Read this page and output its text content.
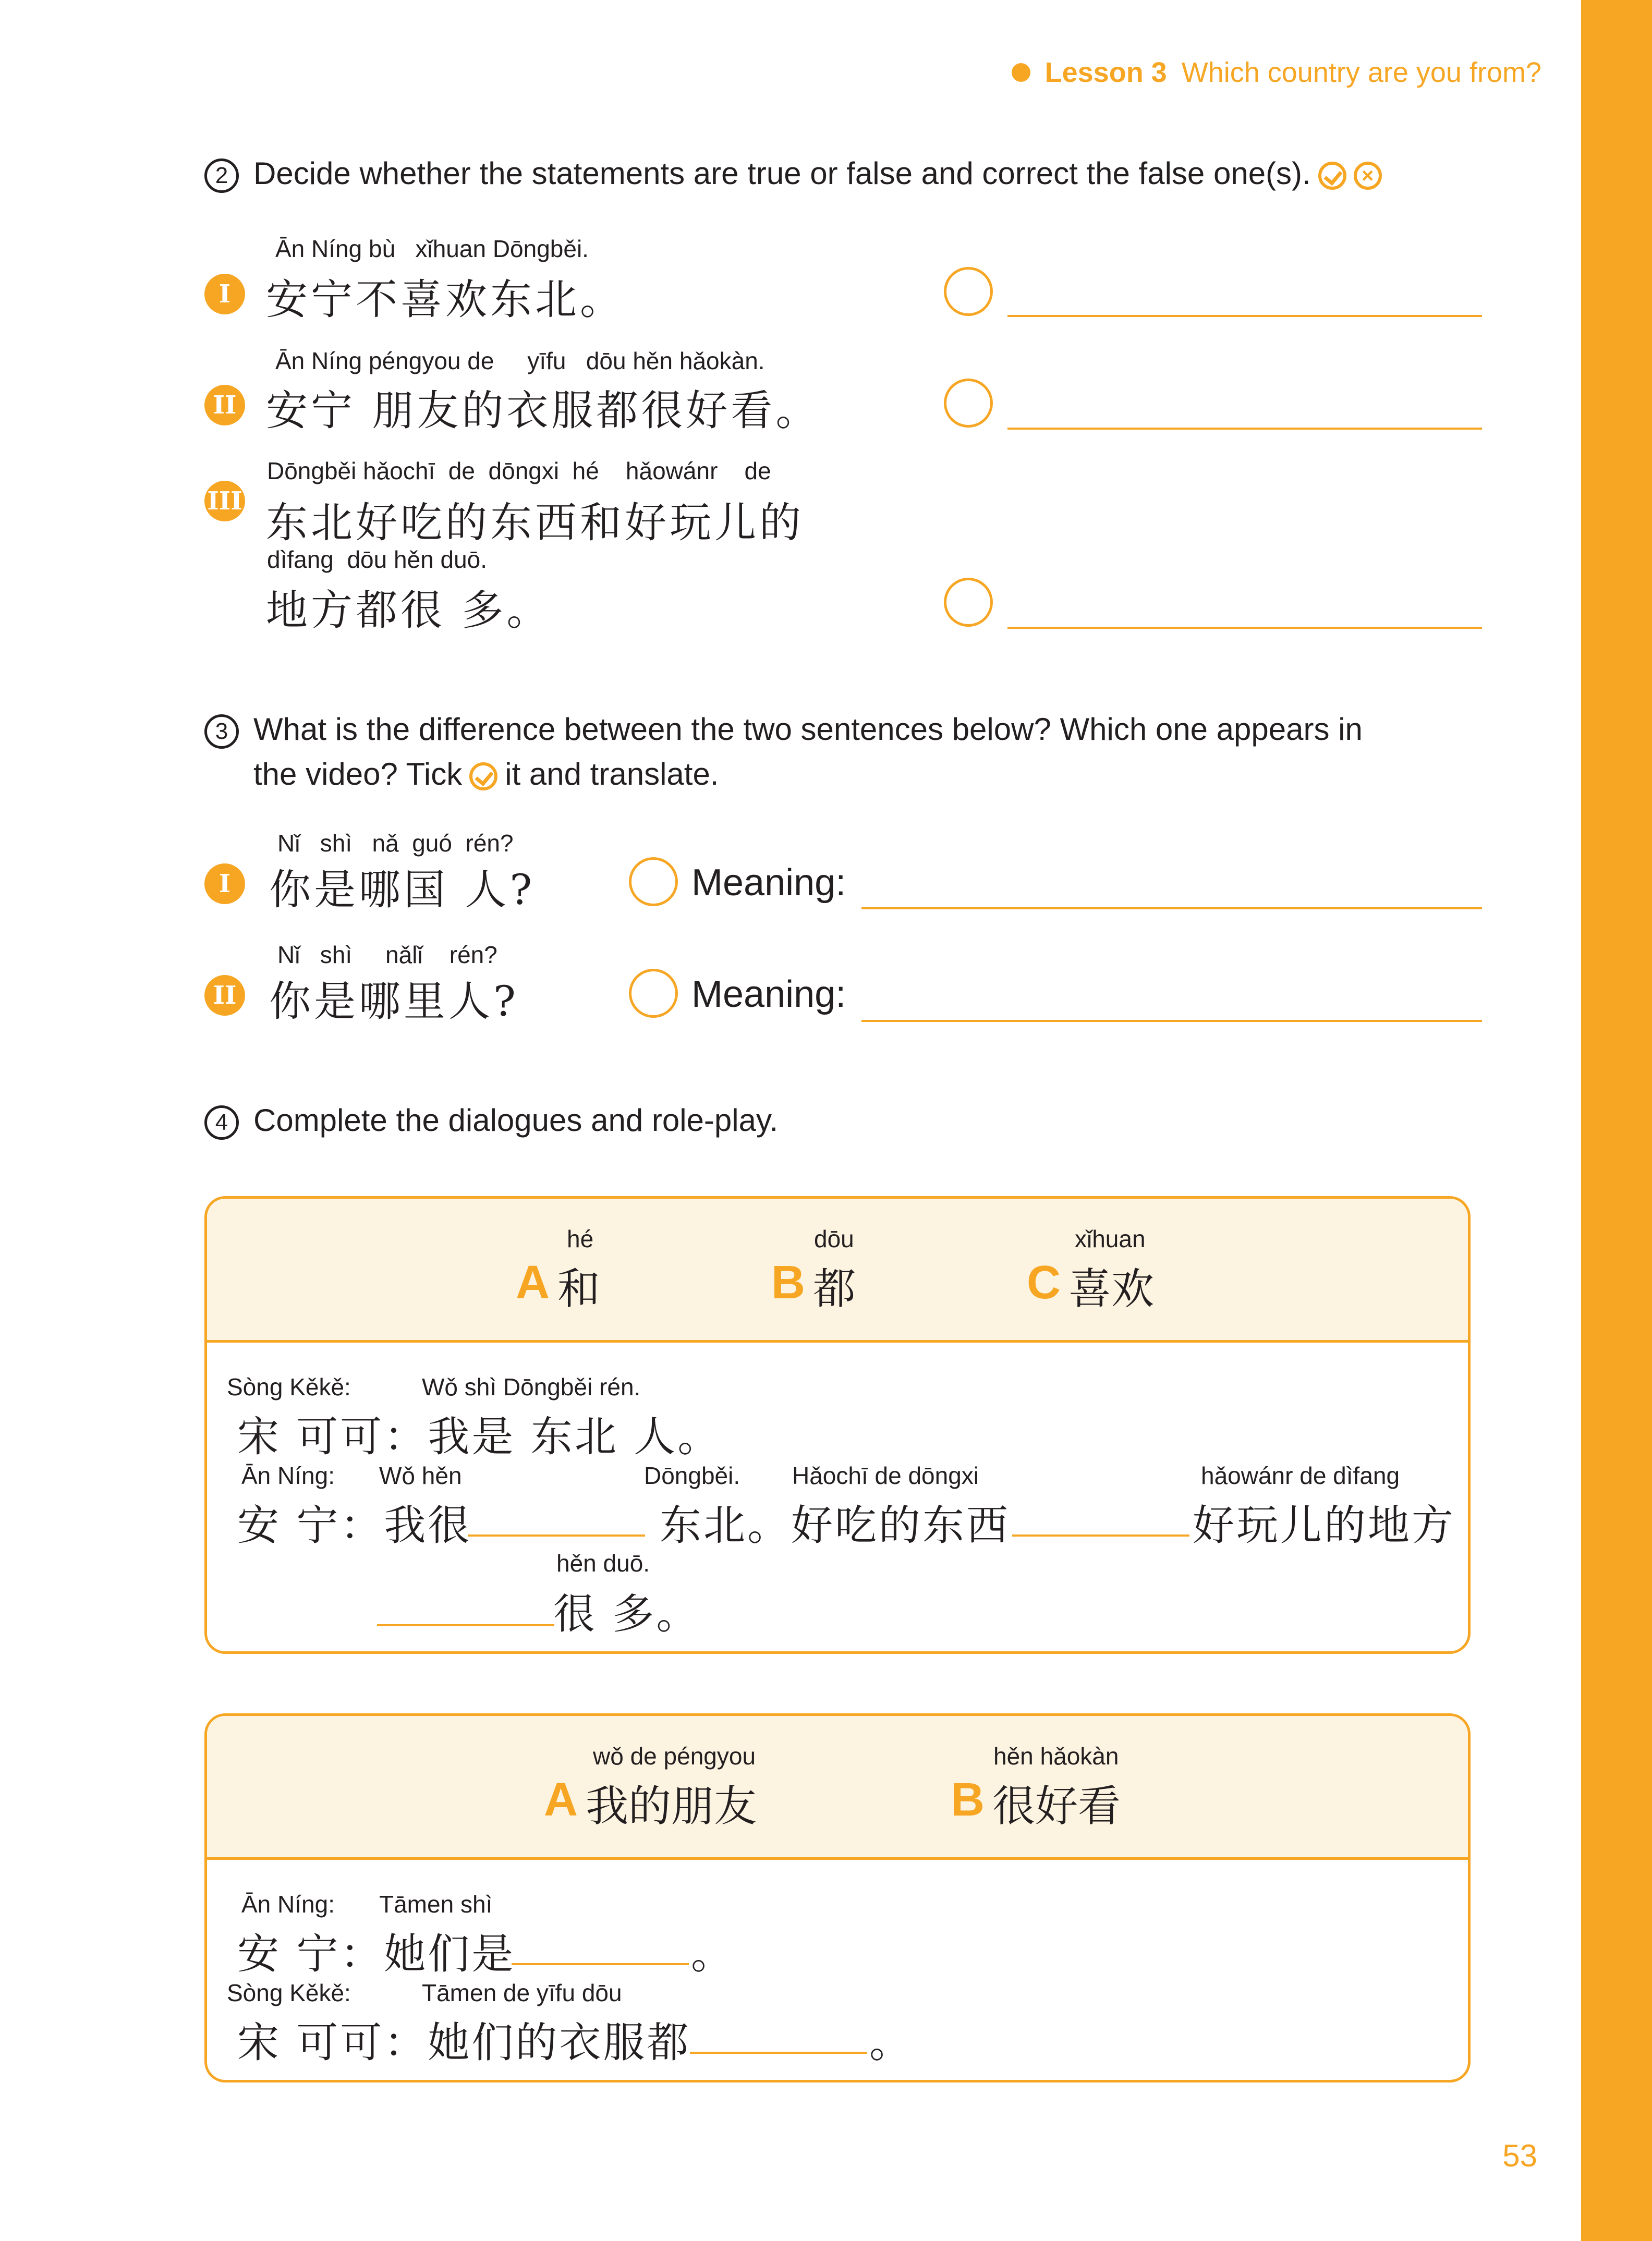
Lesson 3 Which country are you from?
2 Decide whether the statements are true or false and correct the false one(s). ×
Ān Níng bù   xǐhuan Dōngběi.
I 安宁不喜欢东北。
Ān Níng péngyou de     yīfu   dōu hěn hǎokàn.
II 安宁 朋友的衣服都很好看。
Dōngběi hǎochī  de  dōngxi  hé    hǎowánr    de
III 东北好吃的东西和好玩儿的
dìfang  dōu hěn duō.
地方都很 多。
3 What is the difference between the two sentences below? Which one appears in
the video? Tick it and translate.
Nǐ   shì   nǎ  guó  rén?
I 你是哪国 人?	Meaning:
Nǐ   shì     nǎlǐ    rén?
II 你是哪里人?	Meaning:
4 Complete the dialogues and role-play.
hé
A 和
dōu
B 都
xǐhuan
C 喜欢
Sòng Kěkě:	Wǒ shì Dōngběi rén.
宋 可可：我是 东北 人。
Ān Níng: Wǒ hěn	Dōngběi. Hǎochī de dōngxi	hǎowánr de dìfang
安 宁：我很	东北。好吃的东西	好玩儿的地方
hěn duō.
很 多。
wǒ de péngyou
A 我的朋友
hěn hǎokàn
B 很好看
Ān Níng: Tāmen shì
安 宁：她们是	。
Sòng Kěkě:	Tāmen de yīfu dōu
宋 可可：她们的衣服都	。
53
